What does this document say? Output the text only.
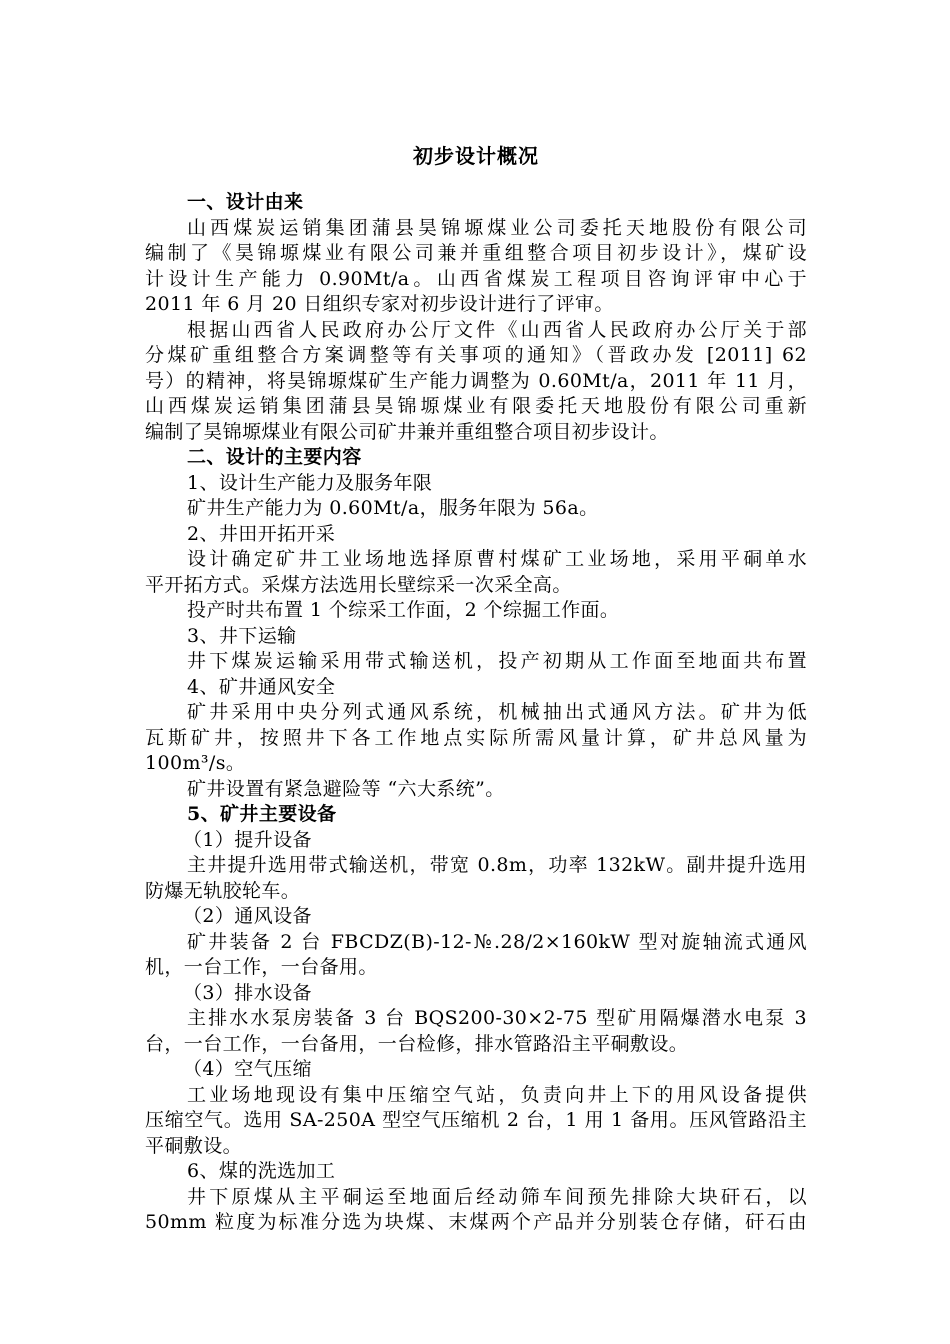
初步设计概况
一、设计由来
山西煤炭运销集团蒲县昊锦塬煤业公司委托天地股份有限公司
编制了《昊锦塬煤业有限公司兼并重组整合项目初步设计》，煤矿设
计设计生产能力 0.90Mt/a。山西省煤炭工程项目咨询评审中心于
2011 年 6 月 20 日组织专家对初步设计进行了评审。
根据山西省人民政府办公厅文件《山西省人民政府办公厅关于部
分煤矿重组整合方案调整等有关事项的通知》（晋政办发 [2011] 62
号）的精神，将昊锦塬煤矿生产能力调整为 0.60Mt/a，2011 年 11 月，
山西煤炭运销集团蒲县昊锦塬煤业有限委托天地股份有限公司重新
编制了昊锦塬煤业有限公司矿井兼并重组整合项目初步设计。
二、设计的主要内容
1、设计生产能力及服务年限
矿井生产能力为 0.60Mt/a，服务年限为 56a。
2、井田开拓开采
设计确定矿井工业场地选择原曹村煤矿工业场地，采用平硐单水
平开拓方式。采煤方法选用长壁综采一次采全高。
投产时共布置 1 个综采工作面，2 个综掘工作面。
3、井下运输
井下煤炭运输采用带式输送机，投产初期从工作面至地面共布置
4、矿井通风安全
矿井采用中央分列式通风系统，机械抽出式通风方法。矿井为低
瓦斯矿井，按照井下各工作地点实际所需风量计算，矿井总风量为
100m³/s。
矿井设置有紧急避险等 “六大系统”。
5、矿井主要设备
（1）提升设备
主井提升选用带式输送机，带宽 0.8m，功率 132kW。副井提升选用
防爆无轨胶轮车。
（2）通风设备
矿井装备 2 台 FBCDZ(B)-12-№.28/2×160kW 型对旋轴流式通风
机，一台工作，一台备用。
（3）排水设备
主排水水泵房装备 3 台 BQS200-30×2-75 型矿用隔爆潜水电泵 3
台，一台工作，一台备用，一台检修，排水管路沿主平硐敷设。
（4）空气压缩
工业场地现设有集中压缩空气站，负责向井上下的用风设备提供
压缩空气。选用 SA-250A 型空气压缩机 2 台，1 用 1 备用。压风管路沿主
平硐敷设。
6、煤的洗选加工
井下原煤从主平硐运至地面后经动筛车间预先排除大块矸石，以
50mm 粒度为标准分选为块煤、末煤两个产品并分别装仓存储，矸石由
